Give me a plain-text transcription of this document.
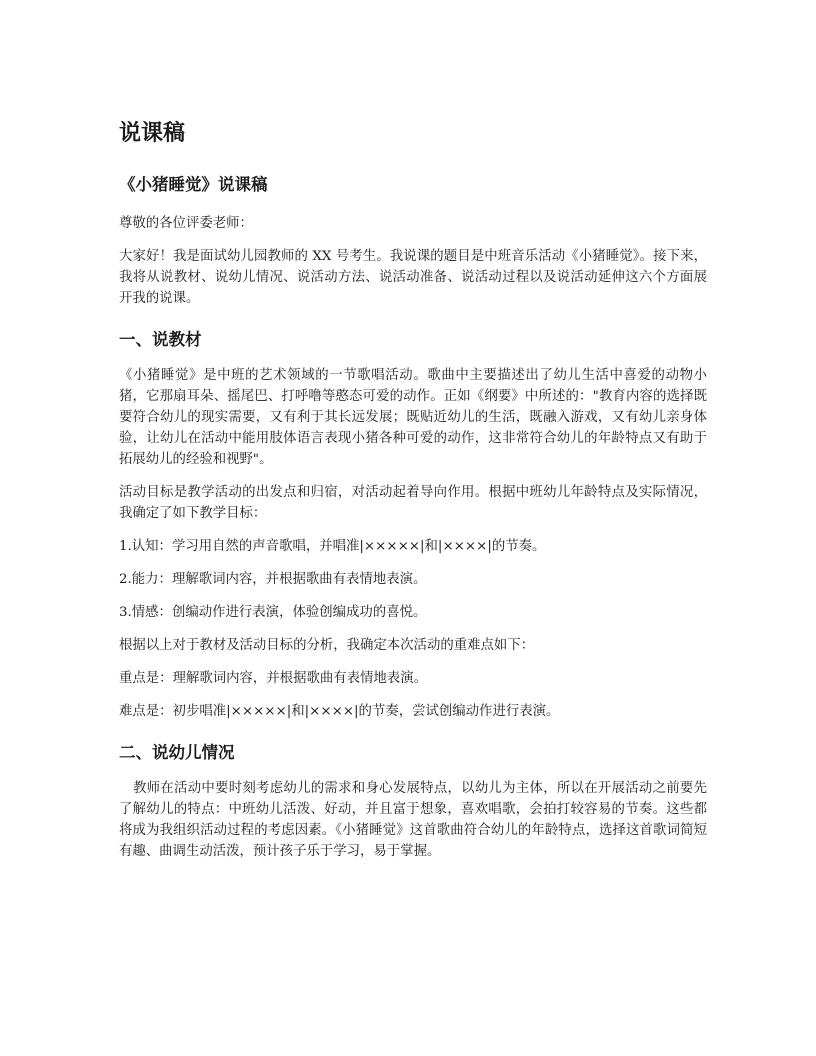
说课稿
《小猪睡觉》说课稿

尊敬的各位评委老师：

大家好！我是面试幼儿园教师的 XX 号考生。我说课的题目是中班音乐活动《小猪睡觉》。接下来，我将从说教材、说幼儿情况、说活动方法、说活动准备、说活动过程以及说活动延伸这六个方面展开我的说课。

一、说教材

《小猪睡觉》是中班的艺术领域的一节歌唱活动。歌曲中主要描述出了幼儿生活中喜爱的动物小猪，它那扇耳朵、摇尾巴、打呼噜等憨态可爱的动作。正如《纲要》中所述的："教育内容的选择既要符合幼儿的现实需要，又有利于其长远发展；既贴近幼儿的生活，既融入游戏，又有幼儿亲身体验，让幼儿在活动中能用肢体语言表现小猪各种可爱的动作，这非常符合幼儿的年龄特点又有助于拓展幼儿的经验和视野"。

活动目标是教学活动的出发点和归宿，对活动起着导向作用。根据中班幼儿年龄特点及实际情况，我确定了如下教学目标：

1.认知：学习用自然的声音歌唱，并唱准|×××××|和|××××|的节奏。

2.能力：理解歌词内容，并根据歌曲有表情地表演。

3.情感：创编动作进行表演，体验创编成功的喜悦。

根据以上对于教材及活动目标的分析，我确定本次活动的重难点如下：

重点是：理解歌词内容，并根据歌曲有表情地表演。

难点是：初步唱准|×××××|和|××××|的节奏，尝试创编动作进行表演。

二、说幼儿情况

教师在活动中要时刻考虑幼儿的需求和身心发展特点，以幼儿为主体，所以在开展活动之前要先了解幼儿的特点：中班幼儿活泼、好动，并且富于想象，喜欢唱歌，会拍打较容易的节奏。这些都将成为我组织活动过程的考虑因素。《小猪睡觉》这首歌曲符合幼儿的年龄特点，选择这首歌词简短有趣、曲调生动活泼，预计孩子乐于学习，易于掌握。
